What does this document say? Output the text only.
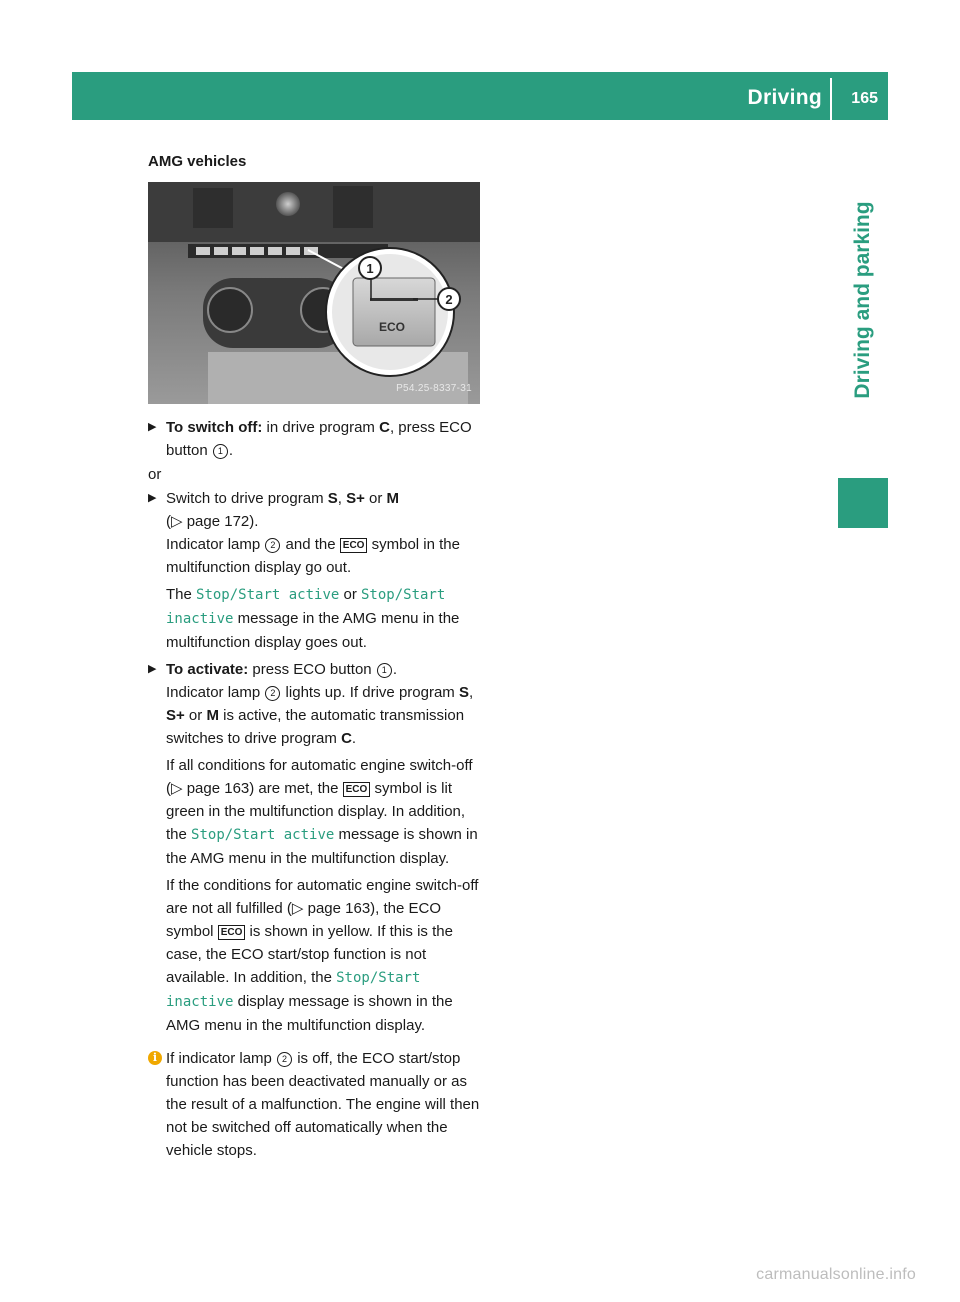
Driving 165
Driving and parking
AMG vehicles
1
2
ECO
P54.25-8337-31
▶ To switch off: in drive program C, press ECO button 1 .
or
▶ Switch to drive program S, S+ or M
(▷ page 172).
Indicator lamp 2 and the ECO symbol in the multifunction display go out.
The Stop/Start active or Stop/Start inactive message in the AMG menu in the multifunction display goes out.
▶ To activate: press ECO button 1 .
Indicator lamp 2 lights up. If drive program S, S+ or M is active, the automatic transmission switches to drive program C.
If all conditions for automatic engine switch-off (▷ page 163) are met, the ECO symbol is lit green in the multifunction display. In addition, the Stop/Start active message is shown in the AMG menu in the multifunction display.
If the conditions for automatic engine switch-off are not all fulfilled (▷ page 163), the ECO symbol ECO is shown in yellow. If this is the case, the ECO start/stop function is not available. In addition, the Stop/Start inactive display message is shown in the AMG menu in the multifunction display.
i If indicator lamp 2 is off, the ECO start/stop function has been deactivated manually or as the result of a malfunction. The engine will then not be switched off automatically when the vehicle stops.
carmanualsonline.info
